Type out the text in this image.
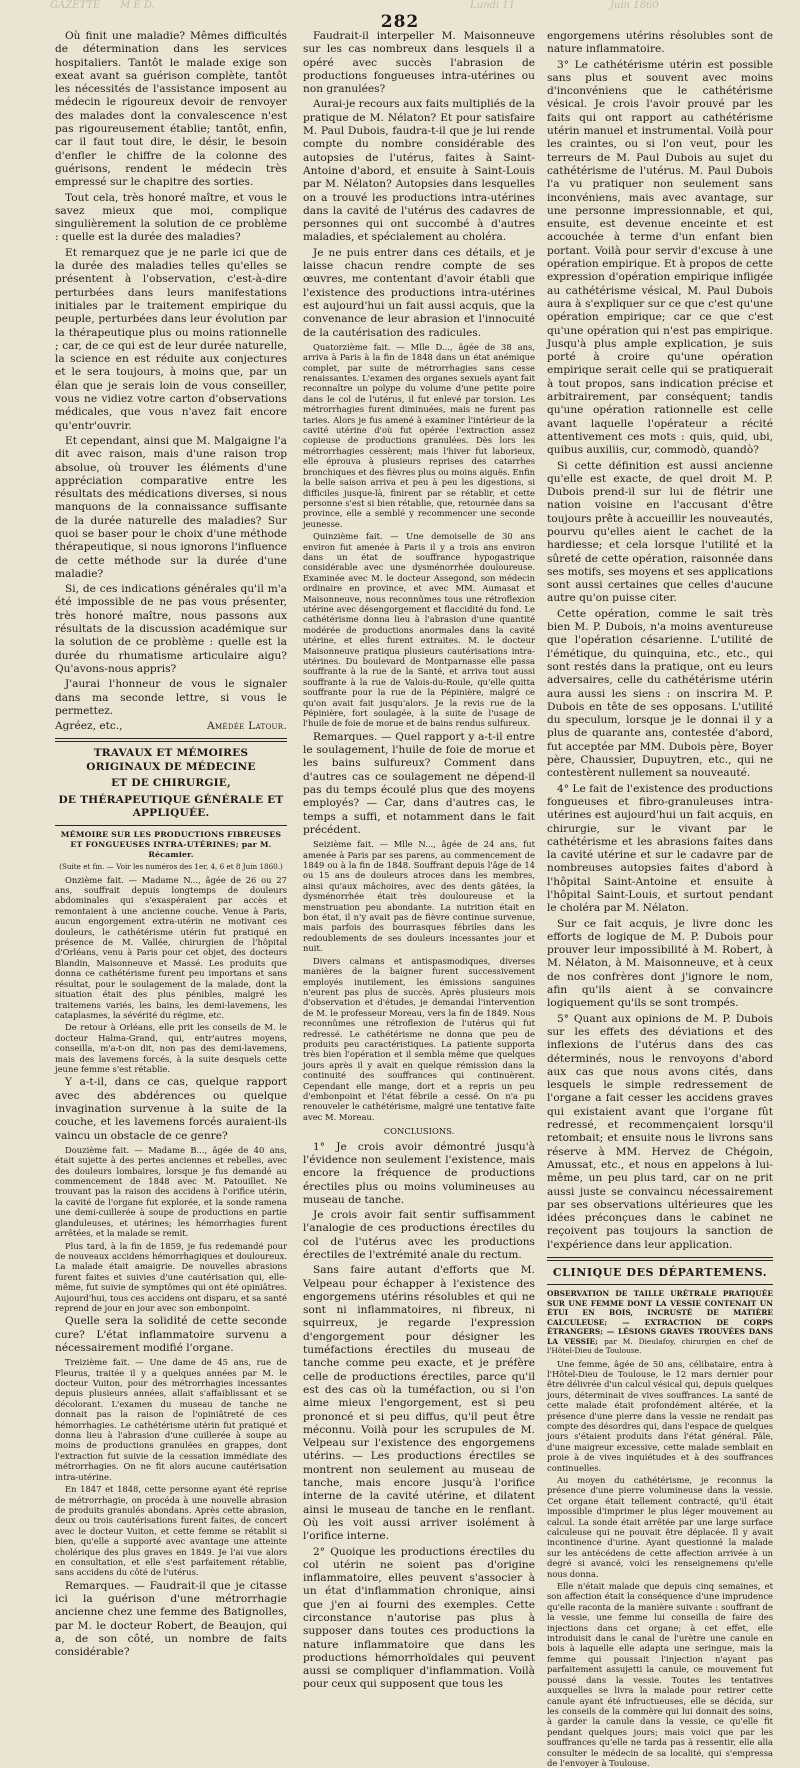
GAZETTE M E D.	Lundi 11	Juin 1860
282

Où finit une maladie? Mêmes difficultés de détermination dans les services hospitaliers. Tantôt le malade exige son exeat avant sa guérison complète, tantôt les nécessités de l'assistance imposent au médecin le rigoureux devoir de renvoyer des malades dont la convalescence n'est pas rigoureusement établie; tantôt, enfin, car il faut tout dire, le désir, le besoin d'enfler le chiffre de la colonne des guérisons, rendent le médecin très empressé sur le chapitre des sorties.

Tout cela, très honoré maître, et vous le savez mieux que moi, complique singulièrement la solution de ce problème : quelle est la durée des maladies?

Et remarquez que je ne parle ici que de la durée des maladies telles qu'elles se présentent à l'observation, c'est-à-dire perturbées dans leurs manifestations initiales par le traitement empirique du peuple, perturbées dans leur évolution par la thérapeutique plus ou moins rationnelle ; car, de ce qui est de leur durée naturelle, la science en est réduite aux conjectures et le sera toujours, à moins que, par un élan que je serais loin de vous conseiller, vous ne vidiez votre carton d'observations médicales, que vous n'avez fait encore qu'entr'ouvrir.

Et cependant, ainsi que M. Malgaigne l'a dit avec raison, mais d'une raison trop absolue, où trouver les éléments d'une appréciation comparative entre les résultats des médications diverses, si nous manquons de la connaissance suffisante de la durée naturelle des maladies? Sur quoi se baser pour le choix d'une méthode thérapeutique, si nous ignorons l'influence de cette méthode sur la durée d'une maladie?

Si, de ces indications générales qu'il m'a été impossible de ne pas vous présenter, très honoré maître, nous passons aux résultats de la discussion académique sur la solution de ce problème : quelle est la durée du rhumatisme articulaire aigu? Qu'avons-nous appris?

J'aurai l'honneur de vous le signaler dans ma seconde lettre, si vous le permettez.

Agréez, etc.,	Amédée Latour.
TRAVAUX ET MÉMOIRES ORIGINAUX DE MÉDECINE
ET DE CHIRURGIE,
DE THÉRAPEUTIQUE GÉNÉRALE ET APPLIQUÉE.
MÉMOIRE SUR LES PRODUCTIONS FIBREUSES ET FONGUEUSES INTRA-UTÉRINES; par M. Récamier.
(Suite et fin. — Voir les numéros des 1er, 4, 6 et 8 Juin 1860.)

Onzième fait. — Madame N..., âgée de 26 ou 27 ans, souffrait depuis longtemps de douleurs abdominales qui s'exaspéraient par accès et remontaient à une ancienne couche. Venue à Paris, aucun engorgement extra-utérin ne motivant ces douleurs, le cathétérisme utérin fut pratiqué en présence de M. Vallée, chirurgien de l'hôpital d'Orléans, venu à Paris pour cet objet, des docteurs Blandin, Maisonneuve et Massé. Les produits que donna ce cathétérisme furent peu importans et sans résultat, pour le soulagement de la malade, dont la situation était des plus pénibles, malgré les traitemens variés, les bains, les demi-lavemens, les cataplasmes, la sévérité du régime, etc.

De retour à Orléans, elle prit les conseils de M. le docteur Halma-Grand, qui, entr'autres moyens, conseilla, m'a-t-on dit, non pas des demi-lavemens, mais des lavemens forcés, à la suite desquels cette jeune femme s'est rétablie.

Y a-t-il, dans ce cas, quelque rapport avec des abdérences ou quelque invagination survenue à la suite de la couche, et les lavemens forcés auraient-ils vaincu un obstacle de ce genre?

Douzième fait. — Madame B..., âgée de 40 ans, était sujette à des pertes anciennes et rebelles, avec des douleurs lombaires, lorsque je fus demandé au commencement de 1848 avec M. Patouillet. Ne trouvant pas la raison des accidens à l'orifice utérin, la cavité de l'organe fut explorée, et la sonde ramena une demi-cuillerée à soupe de productions en partie glanduleuses, et utérines; les hémorrhagies furent arrêtées, et la malade se remit.

Plus tard, à la fin de 1859, je fus redemandé pour de nouveaux accidens hémorrhagiques et douloureux. La malade était amaigrie. De nouvelles abrasions furent faites et suivies d'une cautérisation qui, elle-même, fut suivie de symptômes qui ont été opiniâtres. Aujourd'hui, tous ces accidens ont disparu, et sa santé reprend de jour en jour avec son embonpoint.

Quelle sera la solidité de cette seconde cure? L'état inflammatoire survenu a nécessairement modifié l'organe.

Treizième fait. — Une dame de 45 ans, rue de Fleurus, traitée il y a quelques années par M. le docteur Vuiton, pour des métrorrhagies incessantes depuis plusieurs années, allait s'affaiblissant et se décolorant. L'examen du museau de tanche ne donnait pas la raison de l'opiniâtreté de ces hémorrhagies. Le cathétérisme utérin fut pratiqué et donna lieu à l'abrasion d'une cuillerée à soupe au moins de productions granulées en grappes, dont l'extraction fut suivie de la cessation immédiate des métrorrhagies. On ne fit alors aucune cautérisation intra-utérine.

En 1847 et 1848, cette personne ayant été reprise de métrorrhagie, on procéda à une nouvelle abrasion de produits granulés abondans. Après cette abrasion, deux ou trois cautérisations furent faites, de concert avec le docteur Vuiton, et cette femme se rétablit si bien, qu'elle a supporté avec avantage une atteinte cholérique des plus graves en 1849. Je l'ai vue alors en consultation, et elle s'est parfaitement rétablie, sans accidens du côté de l'utérus.

Remarques. — Faudrait-il que je citasse ici la guérison d'une métrorrhagie ancienne chez une femme des Batignolles, par M. le docteur Robert, de Beaujon, qui a, de son côté, un nombre de faits considérable?

Faudrait-il interpeller M. Maisonneuve sur les cas nombreux dans lesquels il a opéré avec succès l'abrasion de productions fongueuses intra-utérines ou non granulées?

Aurai-je recours aux faits multipliés de la pratique de M. Nélaton? Et pour satisfaire M. Paul Dubois, faudra-t-il que je lui rende compte du nombre considérable des autopsies de l'utérus, faites à Saint-Antoine d'abord, et ensuite à Saint-Louis par M. Nélaton? Autopsies dans lesquelles on a trouvé les productions intra-utérines dans la cavité de l'utérus des cadavres de personnes qui ont succombé à d'autres maladies, et spécialement au choléra.

Je ne puis entrer dans ces détails, et je laisse chacun rendre compte de ses œuvres, me contentant d'avoir établi que l'existence des productions intra-utérines est aujourd'hui un fait aussi acquis, que la convenance de leur abrasion et l'innocuité de la cautérisation des radicules.

Quatorzième fait. — Mlle D..., âgée de 38 ans, arriva à Paris à la fin de 1848 dans un état anémique complet, par suite de métrorrhagies sans cesse renaissantes. L'examen des organes sexuels ayant fait reconnaître un polype du volume d'une petite poire dans le col de l'utérus, il fut enlevé par torsion. Les métrorrhagies furent diminuées, mais ne furent pas taries. Alors je fus amené à examiner l'intérieur de la cavité utérine d'où fut opérée l'extraction assez copieuse de productions granulées. Dès lors les métrorrhagies cessèrent; mais l'hiver fut laborieux, elle éprouva à plusieurs reprises des catarrhes bronchiques et des fièvres plus ou moins aiguës. Enfin la belle saison arriva et peu à peu les digestions, si difficiles jusque-là, finirent par se rétablir, et cette personne s'est si bien rétablie, que, retournée dans sa province, elle a semblé y recommencer une seconde jeunesse.

Quinzième fait. — Une demoiselle de 30 ans environ fut amenée à Paris il y a trois ans environ dans un état de souffrance hypogastrique considérable avec une dysménorrhée douloureuse. Examinée avec M. le docteur Assegond, son médecin ordinaire en province, et avec MM. Aumasat et Maisonneuve, nous reconnûmes tous une rétroflexion utérine avec désengorgement et flaccidité du fond. Le cathétérisme donna lieu à l'abrasion d'une quantité modérée de productions anormales dans la cavité utérine, et elles furent extraites. M. le docteur Maisonneuve pratiqua plusieurs cautérisations intra-utérines. Du boulevard de Montparnasse elle passa souffrante à la rue de la Santé, et arriva tout aussi souffrante à la rue de Valois-du-Roule, qu'elle quitta souffrante pour la rue de la Pépinière, malgré ce qu'on avait fait jusqu'alors. Je la revis rue de la Pépinière, fort soulagée, à la suite de l'usage de l'huile de foie de morue et de bains rendus sulfureux.

Remarques. — Quel rapport y a-t-il entre le soulagement, l'huile de foie de morue et les bains sulfureux? Comment dans d'autres cas ce soulagement ne dépend-il pas du temps écoulé plus que des moyens employés? — Car, dans d'autres cas, le temps a suffi, et notamment dans le fait précédent.

Seizième fait. — Mlle N..., âgée de 24 ans, fut amenée à Paris par ses parens, au commencement de 1849 ou à la fin de 1848. Souffrant depuis l'âge de 14 ou 15 ans de douleurs atroces dans les membres, ainsi qu'aux mâchoires, avec des dents gâtées, la dysménorrhée était très douloureuse et la menstruation peu abondante. La nutrition était en bon état, il n'y avait pas de fièvre continue survenue, mais parfois des bourrasques fébriles dans les redoublements de ses douleurs incessantes jour et nuit.

Divers calmans et antispasmodiques, diverses manières de la baigner furent successivement employés inutilement, les émissions sanguines n'eurent pas plus de succès. Après plusieurs mois d'observation et d'études, je demandai l'intervention de M. le professeur Moreau, vers la fin de 1849. Nous reconnûmes une rétroflexion de l'utérus qui fut redressé. Le cathétérisme ne donna que peu de produits peu caractéristiques. La patiente supporta très bien l'opération et il sembla même que quelques jours après il y avait en quelque rémission dans la continuité des souffrances qui continuèrent. Cependant elle mange, dort et a repris un peu d'embonpoint et l'état fébrile a cessé. On n'a pu renouveler le cathétérisme, malgré une tentative faite avec M. Moreau.

CONCLUSIONS.

1° Je crois avoir démontré jusqu'à l'évidence non seulement l'existence, mais encore la fréquence de productions érectiles plus ou moins volumineuses au museau de tanche.

Je crois avoir fait sentir suffisamment l'analogie de ces productions érectiles du col de l'utérus avec les productions érectiles de l'extrémité anale du rectum.

Sans faire autant d'efforts que M. Velpeau pour échapper à l'existence des engorgemens utérins résolubles et qui ne sont ni inflammatoires, ni fibreux, ni squirreux, je regarde l'expression d'engorgement pour désigner les tuméfactions érectiles du museau de tanche comme peu exacte, et je préfère celle de productions érectiles, parce qu'il est des cas où la tuméfaction, ou si l'on aime mieux l'engorgement, est si peu prononcé et si peu diffus, qu'il peut être méconnu. Voilà pour les scrupules de M. Velpeau sur l'existence des engorgemens utérins. — Les productions érectiles se montrent non seulement au museau de tanche, mais encore jusqu'à l'orifice interne de la cavité utérine, et dilatent ainsi le museau de tanche en le renflant. Où les voit aussi arriver isolément à l'orifice interne.

2° Quoique les productions érectiles du col utérin ne soient pas d'origine inflammatoire, elles peuvent s'associer à un état d'inflammation chronique, ainsi que j'en ai fourni des exemples. Cette circonstance n'autorise pas plus à supposer dans toutes ces productions la nature inflammatoire que dans les productions hémorrhoïdales qui peuvent aussi se compliquer d'inflammation. Voilà pour ceux qui supposent que tous les

engorgemens utérins résolubles sont de nature inflammatoire.

3° Le cathétérisme utérin est possible sans plus et souvent avec moins d'inconvéniens que le cathétérisme vésical. Je crois l'avoir prouvé par les faits qui ont rapport au cathétérisme utérin manuel et instrumental. Voilà pour les craintes, ou si l'on veut, pour les terreurs de M. Paul Dubois au sujet du cathétérisme de l'utérus. M. Paul Dubois l'a vu pratiquer non seulement sans inconvéniens, mais avec avantage, sur une personne impressionnable, et qui, ensuite, est devenue enceinte et est accouchée à terme d'un enfant bien portant. Voilà pour servir d'excuse à une opération empirique. Et à propos de cette expression d'opération empirique infligée au cathétérisme vésical, M. Paul Dubois aura à s'expliquer sur ce que c'est qu'une opération empirique; car ce que c'est qu'une opération qui n'est pas empirique. Jusqu'à plus ample explication, je suis porté à croire qu'une opération empirique serait celle qui se pratiquerait à tout propos, sans indication précise et arbitrairement, par conséquent; tandis qu'une opération rationnelle est celle avant laquelle l'opérateur a récité attentivement ces mots : quis, quid, ubi, quibus auxiliis, cur, commodò, quandò?

Si cette définition est aussi ancienne qu'elle est exacte, de quel droit M. P. Dubois prend-il sur lui de flétrir une nation voisine en l'accusant d'être toujours prête à accueillir les nouveautés, pourvu qu'elles aient le cachet de la hardiesse; et cela lorsque l'utilité et la sûreté de cette opération, raisonnée dans ses motifs, ses moyens et ses applications sont aussi certaines que celles d'aucune autre qu'on puisse citer.

Cette opération, comme le sait très bien M. P. Dubois, n'a moins aventureuse que l'opération césarienne. L'utilité de l'émétique, du quinquina, etc., etc., qui sont restés dans la pratique, ont eu leurs adversaires, celle du cathétérisme utérin aura aussi les siens : on inscrira M. P. Dubois en tête de ses opposans. L'utilité du speculum, lorsque je le donnai il y a plus de quarante ans, contestée d'abord, fut acceptée par MM. Dubois père, Boyer père, Chaussier, Dupuytren, etc., qui ne contestèrent nullement sa nouveauté.

4° Le fait de l'existence des productions fongueuses et fibro-granuleuses intra-utérines est aujourd'hui un fait acquis, en chirurgie, sur le vivant par le cathétérisme et les abrasions faites dans la cavité utérine et sur le cadavre par de nombreuses autopsies faites d'abord à l'hôpital Saint-Antoine et ensuite à l'hôpital Saint-Louis, et surtout pendant le choléra par M. Nélaton.

Sur ce fait acquis, je livre donc les efforts de logique de M. P. Dubois pour prouver leur impossibilité à M. Robert, à M. Nélaton, à M. Maisonneuve, et à ceux de nos confrères dont j'ignore le nom, afin qu'ils aient à se convaincre logiquement qu'ils se sont trompés.

5° Quant aux opinions de M. P. Dubois sur les effets des déviations et des inflexions de l'utérus dans des cas déterminés, nous le renvoyons d'abord aux cas que nous avons cités, dans lesquels le simple redressement de l'organe a fait cesser les accidens graves qui existaient avant que l'organe fût redressé, et recommençaient lorsqu'il retombait; et ensuite nous le livrons sans réserve à MM. Hervez de Chégoin, Amussat, etc., et nous en appelons à lui-même, un peu plus tard, car on ne prit aussi juste se convaincu nécessairement par ses observations ultérieures que les idées préconçues dans le cabinet ne reçoivent pas toujours la sanction de l'expérience dans leur application.

CLINIQUE DES DÉPARTEMENS.
OBSERVATION DE TAILLE URÉTRALE PRATIQUÉE SUR UNE FEMME DONT LA VESSIE CONTENAIT UN ÉTUI EN BOIS, INCRUSTÉ DE MATIÈRE CALCULEUSE; — EXTRACTION DE CORPS ÉTRANGERS; — LÉSIONS GRAVES TROUVÉES DANS LA VESSIE; par M. Dieulafoy, chirurgien en chef de l'Hôtel-Dieu de Toulouse.

Une femme, âgée de 50 ans, célibataire, entra à l'Hôtel-Dieu de Toulouse, le 12 mars dernier pour être délivrée d'un calcul vésical qui, depuis quelques jours, déterminait de vives souffrances. La santé de cette malade était profondément altérée, et la présence d'une pierre dans la vessie ne rendait pas compte des désordres qui, dans l'espace de quelques jours s'étaient produits dans l'état général. Pâle, d'une maigreur excessive, cette malade semblait en proie à de vives inquiétudes et à des souffrances continuelles.

Au moyen du cathétérisme, je reconnus la présence d'une pierre volumineuse dans la vessie. Cet organe était tellement contracté, qu'il était impossible d'imprimer le plus léger mouvement au calcul. La sonde était arrêtée par une large surface calculeuse qui ne pouvait être déplacée. Il y avait incontinence d'urine. Ayant questionné la malade sur les antécédens de cette affection arrivée à un degré si avancé, voici les renseignemens qu'elle nous donna.

Elle n'était malade que depuis cinq semaines, et son affection était la conséquence d'une imprudence qu'elle raconta de la manière suivante : souffrant de la vessie, une femme lui conseilla de faire des injections dans cet organe; à cet effet, elle introduisit dans le canal de l'urètre une canule en bois à laquelle elle adapta une seringue, mais la femme qui poussait l'injection n'ayant pas parfaitement assujetti la canule, ce mouvement fut poussé dans la vessie. Toutes les tentatives auxquelles se livra la malade pour retirer cette canule ayant été infructueuses, elle se décida, sur les conseils de la commère qui lui donnait des soins, à garder la canule dans la vessie, ce qu'elle fit pendant quelques jours; mais voici que par les souffrances qu'elle ne tarda pas à ressentir, elle alla consulter le médecin de sa localité, qui s'empressa de l'envoyer à Toulouse.
